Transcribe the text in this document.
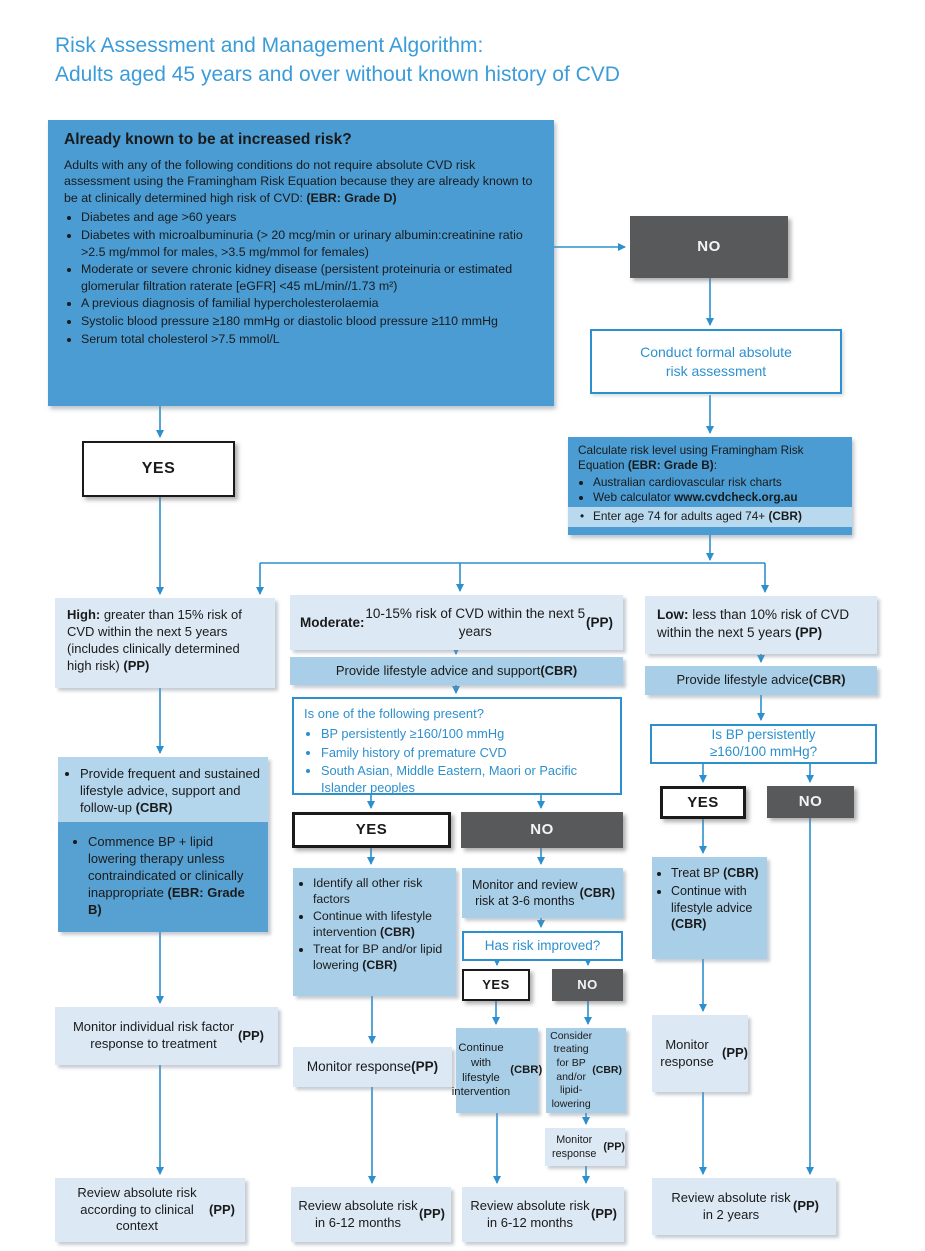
Risk Assessment and Management Algorithm:
Adults aged 45 years and over without known history of CVD
Already known to be at increased risk?

Adults with any of the following conditions do not require absolute CVD risk assessment using the Framingham Risk Equation because they are already known to be at clinically determined high risk of CVD: (EBR: Grade D)

• Diabetes and age >60 years
• Diabetes with microalbuminuria (> 20 mcg/min or urinary albumin:creatinine ratio >2.5 mg/mmol for males, >3.5 mg/mmol for females)
• Moderate or severe chronic kidney disease (persistent proteinuria or estimated glomerular filtration raterate [eGFR] <45 mL/min//1.73 m²)
• A previous diagnosis of familial hypercholesterolaemia
• Systolic blood pressure ≥180 mmHg or diastolic blood pressure ≥110 mmHg
• Serum total cholesterol >7.5 mmol/L
NO
Conduct formal absolute risk assessment

Calculate risk level using Framingham Risk Equation (EBR: Grade B):

• Australian cardiovascular risk charts
• Web calculator www.cvdcheck.org.au
• Enter age 74 for adults aged 74+ (CBR)
YES
High: greater than 15% risk of CVD within the next 5 years (includes clinically determined high risk) (PP)
Moderate:
10-15% risk of CVD within the next 5 years
(PP)
Low: less than 10% risk of CVD within the next 5 years (PP)
Provide lifestyle advice and support (CBR)
Provide lifestyle advice (CBR)
Is one of the following present?
• BP persistently ≥160/100 mmHg
• Family history of premature CVD
• South Asian, Middle Eastern, Maori or Pacific Islander peoples
YES	NO
• Identify all other risk factors
• Continue with lifestyle intervention (CBR)
• Treat for BP and/or lipid lowering (CBR)
Monitor and review risk at 3-6 months
(CBR)
Has risk improved?
YES	NO
Monitor response (PP)
Continue with lifestyle intervention
(CBR)
Consider treating for BP and/or lipid-lowering
(CBR)
Monitor response
(PP)
Is BP persistently ≥160/100 mmHg?
YES	NO
• Treat BP (CBR)
• Continue with lifestyle advice (CBR)
Monitor response
(PP)
• Provide frequent and sustained lifestyle advice, support and follow-up (CBR)
• Commence BP + lipid lowering therapy unless contraindicated or clinically inappropriate (EBR: Grade B)
Monitor individual risk factor response to treatment
(PP)
Review absolute risk according to clinical context
(PP)	Review absolute risk in 6-12 months
(PP)
Review absolute risk in 6-12 months
(PP)
Review absolute risk in 2 years
(PP)
